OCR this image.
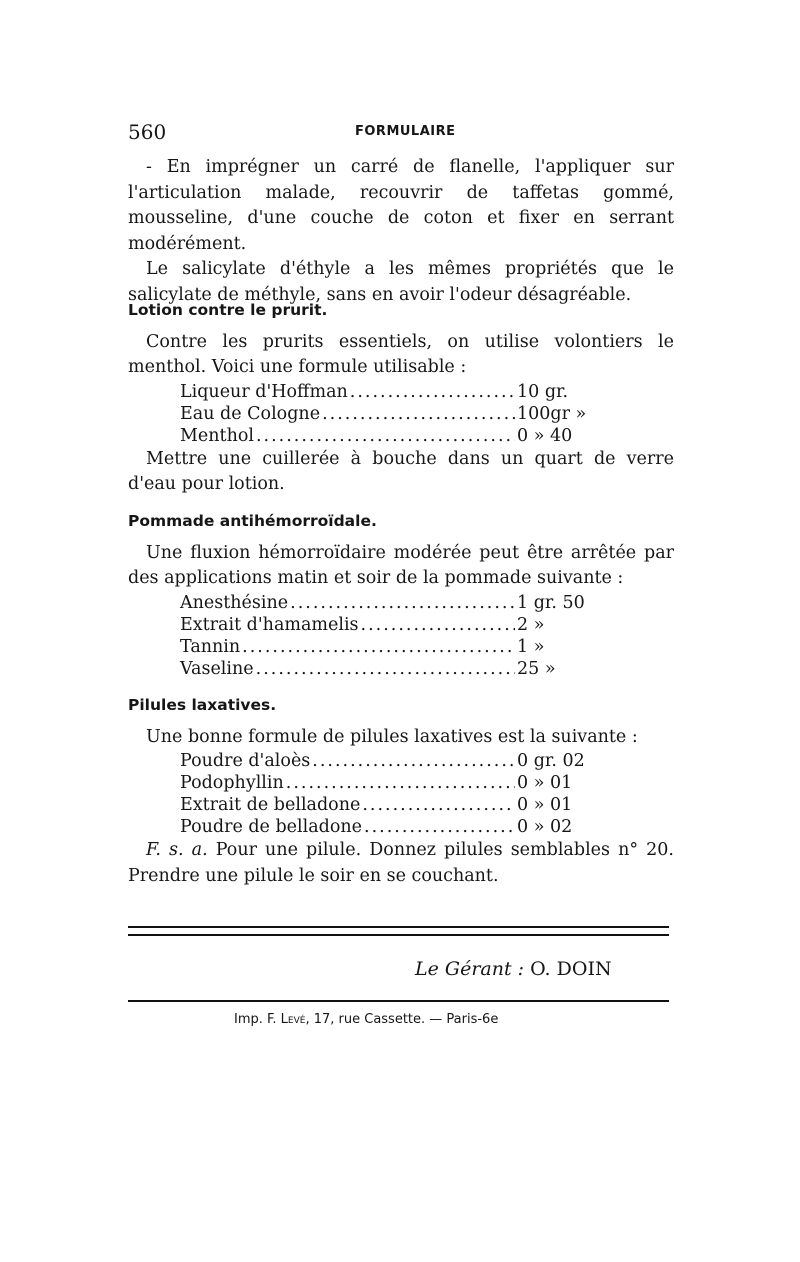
560	FORMULAIRE

- En imprégner un carré de flanelle, l'appliquer sur l'articulation malade, recouvrir de taffetas gommé, mousseline, d'une couche de coton et fixer en serrant modérément.

Le salicylate d'éthyle a les mêmes propriétés que le salicylate de méthyle, sans en avoir l'odeur désagréable.

Lotion contre le prurit.

Contre les prurits essentiels, on utilise volontiers le menthol. Voici une formule utilisable :

Liqueur d'Hoffman .....	10 gr.
Eau de Cologne .....	100gr »
Menthol .....	0 » 40

Mettre une cuillerée à bouche dans un quart de verre d'eau pour lotion.

Pommade antihémorroïdale.

Une fluxion hémorroïdaire modérée peut être arrêtée par des applications matin et soir de la pommade suivante :

Anesthésine .....	1 gr. 50
Extrait d'hamamelis .....	2 »
Tannin .....	1 »
Vaseline .....	25 »

Pilules laxatives.

Une bonne formule de pilules laxatives est la suivante :

Poudre d'aloès .....	0 gr. 02
Podophyllin .....	0 » 01
Extrait de belladone .....	0 » 01
Poudre de belladone .....	0 » 02

F. s. a. Pour une pilule. Donnez pilules semblables n° 20. Prendre une pilule le soir en se couchant.

Le Gérant : O. DOIN
Imp. F. Levé, 17, rue Cassette. — Paris-6e
